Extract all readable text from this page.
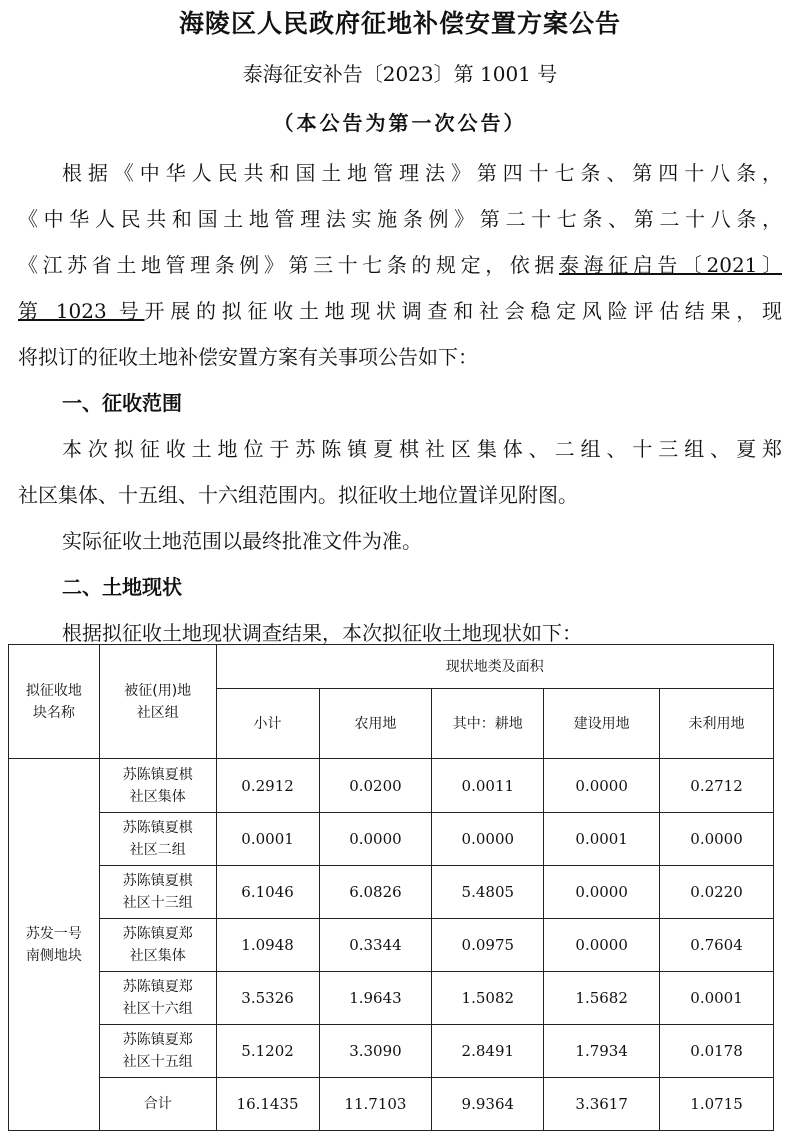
海陵区人民政府征地补偿安置方案公告

泰海征安补告〔2023〕第 1001 号

（本公告为第一次公告）

根据《中华人民共和国土地管理法》第四十七条、第四十八条，

《中华人民共和国土地管理法实施条例》第二十七条、第二十八条，

《江苏省土地管理条例》第三十七条的规定，依据泰海征启告〔2021〕

第 1023 号开展的拟征收土地现状调查和社会稳定风险评估结果，现

将拟订的征收土地补偿安置方案有关事项公告如下：

一、征收范围

本次拟征收土地位于苏陈镇夏棋社区集体、二组、十三组、夏郑

社区集体、十五组、十六组范围内。拟征收土地位置详见附图。

实际征收土地范围以最终批准文件为准。

二、土地现状

根据拟征收土地现状调查结果，本次拟征收土地现状如下：

拟征收地
块名称	被征(用)地
社区组	现状地类及面积				
		小计	农用地	其中：耕地	建设用地	未利用地

苏发一号
南侧地块	苏陈镇夏棋
社区集体	0.2912	0.0200	0.0011	0.0000	0.2712

	苏陈镇夏棋
社区二组	0.0001	0.0000	0.0000	0.0001	0.0000

	苏陈镇夏棋
社区十三组	6.1046	6.0826	5.4805	0.0000	0.0220

	苏陈镇夏郑
社区集体	1.0948	0.3344	0.0975	0.0000	0.7604

	苏陈镇夏郑
社区十六组	3.5326	1.9643	1.5082	1.5682	0.0001

	苏陈镇夏郑
社区十五组	5.1202	3.3090	2.8491	1.7934	0.0178
	合计	16.1435	11.7103	9.9364	3.3617	1.0715
